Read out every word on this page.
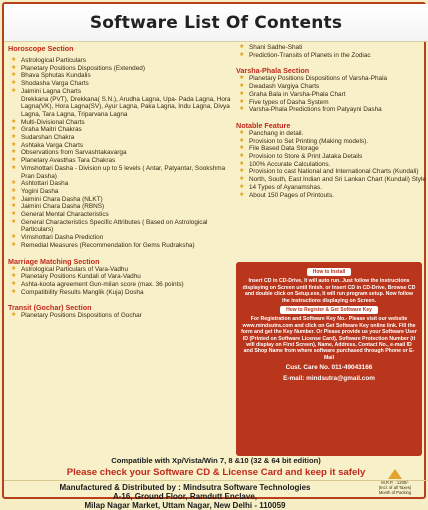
Software List Of Contents
Horoscope Section
★ Astrological Particulars
★ Planetary Positions Dispositions (Extended)
★ Bhava Sphutas Kundalis
★ Shodasha Varga Charts
★ Jaimini Lagna Charts
Drekkana (PVT), Drekkana( S.N.), Arudha Lagna, Upa- Pada Lagna, Hora Lagna(VK), Hora Lagna(SV), Ayur Lagna, Paka Lagna, Indu Lagna, Divya Lagna, Tara Lagna, Triparvana Lagna
★ Multi-Divisional Charts
★ Graha Maitri Chakras
★ Sudarshan Chakra
★ Ashtaka Varga Charts
★ Observations from Sarvashtakavarga
★ Planetary Avasthas Tara Chakras
★ Vimshottari Dasha - Division up to 5 levels ( Antar, Patyantar, Sookshma Pran Dasha)
★ Ashtottari Dasha
★ Yogini Dasha
★ Jaimini Chara Dasha (NLKT)
★ Jaimini Chara Dasha (RBNS)
★ General Mental Characteristics
★ General Characteristics Specific Attributes ( Based on Astrological Particulars)
★ Vimshottari Dasha Prediction
★ Remedial Measures (Recommendation for Gems Rudraksha)
Marriage Matching Section
★ Astrological Particulars of Vara-Vadhu
★ Planetary Positions Kundali of Vara-Vadhu
★ Ashta-koota agreement Gun-milan score (max. 36 points)
★ Compatibility Results Manglik (Kuja) Dosha
Transit (Gochar) Section
★ Planetary Positions Dispositions of Gochar
★ Shani Sadhe-Shati
★ Prediction-Transits of Planets in the Zodiac
Varsha-Phala Section
★ Planetary Positions Dispositions of Varsha-Phala
★ Dwadash Vargiya Charts
★ Graha Bala in Varsha-Phala Chart
★ Five types of Dasha System
★ Varsha-Phala Predictions from Patyayni Dasha
Notable Feature
★ Panchang in detail.
★ Provision to Set Printing (Making models).
★ File Based Data Storage
★ Provision to Store & Print Jataka Details
★ 100% Accurate Calculations.
★ Provision to cast National and International Charts (Kundali)
★ North, South, East Indian and Sri Lankan Chart (Kundali) Style
★ 14 Types of Ayanamshas.
★ About 150 Pages of Printouts.
How to Install

Insert CD in CD-Drive, It will auto run. Just follow the instructions displaying on Screen until finish. or Insert CD in CD-Drive, Browse CD and double click on Setup.exe, It will run program setup. Now follow the instructions displaying on Screen.

How to Register & Get Software Key

For Registration and Software Key No.- Please visit our website www.mindsutra.com and click on Get Software Key online link. Fill the form and get the Key Number. Or Please provide us your Software User ID (Printed on Software License Card), Software Protection Number (it will display on First Screen), Name, Address, Contact No., e-mail ID and Shop Name from where software purchased through Phone or E-Mail

Cust. Care No. 011-49043166
E-mail: mindsutra@gmail.com
Compatible with Xp/Vista/Win 7, 8 &10 (32 & 64 bit edition)
Please check your Software CD & License Card and keep it safely
Manufactured & Distributed by : Mindsutra Software Technologies
A-16, Ground Floor, Ramdutt Enclave,
Milap Nagar Market, Uttam Nagar, New Delhi - 110059
M.R.P. : 1200/-
(Incl. of all Taxes)
Month of Packing
